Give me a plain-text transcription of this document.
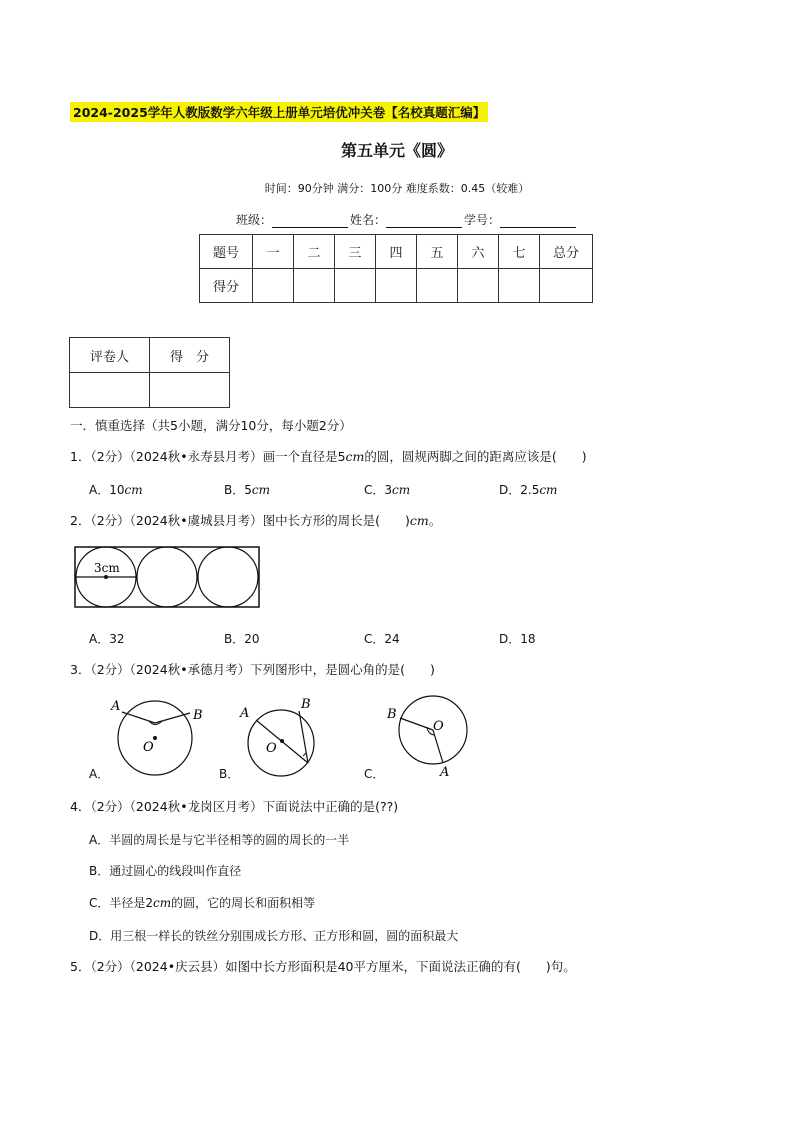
2024-2025学年人教版数学六年级上册单元培优冲关卷【名校真题汇编】
第五单元《圆》
时间：90分钟 满分：100分 难度系数：0.45（较难）
班级：	姓名：	学号：
题号	一	二	三	四	五	六	七	总分
得分								
评卷人	得　分

一．慎重选择（共5小题，满分10分，每小题2分）
1．（2分）（2024秋•永寿县月考）画一个直径是5cm的圆，圆规两脚之间的距离应该是(　　)
A．10cm	B．5cm	C．3cm	D．2.5cm
2．（2分）（2024秋•虞城县月考）图中长方形的周长是(　　)cm。
3cm
A．32	B．20	C．24	D．18
3．（2分）（2024秋•承德月考）下列图形中，是圆心角的是(　　)
A
B
O
A．
A
B
O
B．
B
A
O
C．
4．（2分）（2024秋•龙岗区月考）下面说法中正确的是(??)
A．半圆的周长是与它半径相等的圆的周长的一半
B．通过圆心的线段叫作直径
C．半径是2cm的圆，它的周长和面积相等
D．用三根一样长的铁丝分别围成长方形、正方形和圆，圆的面积最大
5．（2分）（2024•庆云县）如图中长方形面积是40平方厘米，下面说法正确的有(　　)句。
